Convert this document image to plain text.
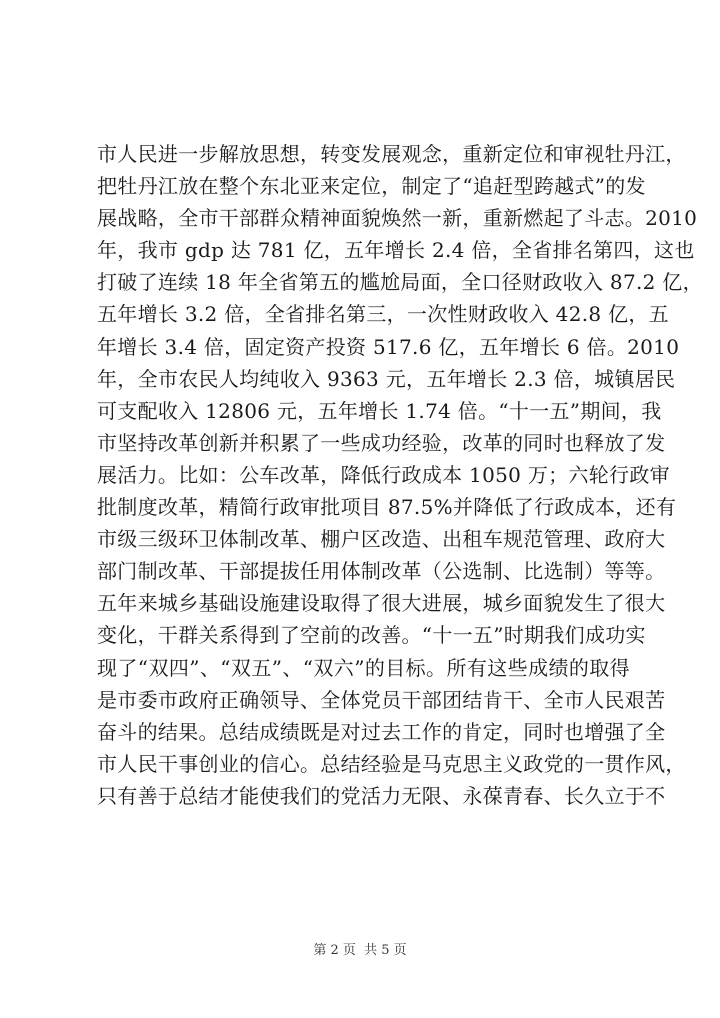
市人民进一步解放思想，转变发展观念，重新定位和审视牡丹江，
把牡丹江放在整个东北亚来定位，制定了“追赶型跨越式”的发
展战略，全市干部群众精神面貌焕然一新，重新燃起了斗志。2010
年，我市 gdp 达 781 亿，五年增长 2.4 倍，全省排名第四，这也
打破了连续 18 年全省第五的尴尬局面，全口径财政收入 87.2 亿，
五年增长 3.2 倍，全省排名第三，一次性财政收入 42.8 亿，五
年增长 3.4 倍，固定资产投资 517.6 亿，五年增长 6 倍。2010
年，全市农民人均纯收入 9363 元，五年增长 2.3 倍，城镇居民
可支配收入 12806 元，五年增长 1.74 倍。“十一五”期间，我
市坚持改革创新并积累了一些成功经验，改革的同时也释放了发
展活力。比如：公车改革，降低行政成本 1050 万；六轮行政审
批制度改革，精简行政审批项目 87.5%并降低了行政成本，还有
市级三级环卫体制改革、棚户区改造、出租车规范管理、政府大
部门制改革、干部提拔任用体制改革（公选制、比选制）等等。
五年来城乡基础设施建设取得了很大进展，城乡面貌发生了很大
变化，干群关系得到了空前的改善。“十一五”时期我们成功实
现了“双四”、“双五”、“双六”的目标。所有这些成绩的取得
是市委市政府正确领导、全体党员干部团结肯干、全市人民艰苦
奋斗的结果。总结成绩既是对过去工作的肯定，同时也增强了全
市人民干事创业的信心。总结经验是马克思主义政党的一贯作风，
只有善于总结才能使我们的党活力无限、永葆青春、长久立于不
第 2 页 共 5 页
